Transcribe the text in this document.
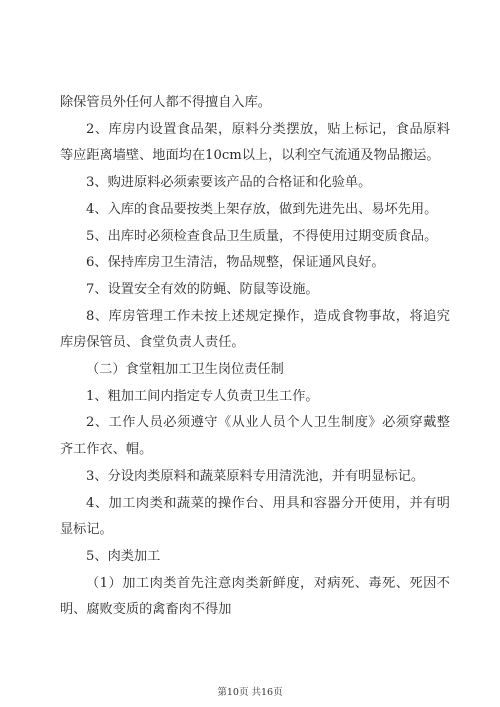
除保管员外任何人都不得擅自入库。

2、库房内设置食品架，原料分类摆放，贴上标记，食品原料等应距离墙壁、地面均在10cm以上，以利空气流通及物品搬运。

3、购进原料必须索要该产品的合格证和化验单。

4、入库的食品要按类上架存放，做到先进先出、易坏先用。

5、出库时必须检查食品卫生质量，不得使用过期变质食品。

6、保持库房卫生清洁，物品规整，保证通风良好。

7、设置安全有效的防蝇、防鼠等设施。

8、库房管理工作未按上述规定操作，造成食物事故，将追究库房保管员、食堂负责人责任。

（二）食堂粗加工卫生岗位责任制

1、粗加工间内指定专人负责卫生工作。

2、工作人员必须遵守《从业人员个人卫生制度》必须穿戴整齐工作衣、帽。

3、分设肉类原料和蔬菜原料专用清洗池，并有明显标记。

4、加工肉类和蔬菜的操作台、用具和容器分开使用，并有明显标记。

5、肉类加工

（1）加工肉类首先注意肉类新鲜度，对病死、毒死、死因不明、腐败变质的禽畜肉不得加

第10页 共16页
